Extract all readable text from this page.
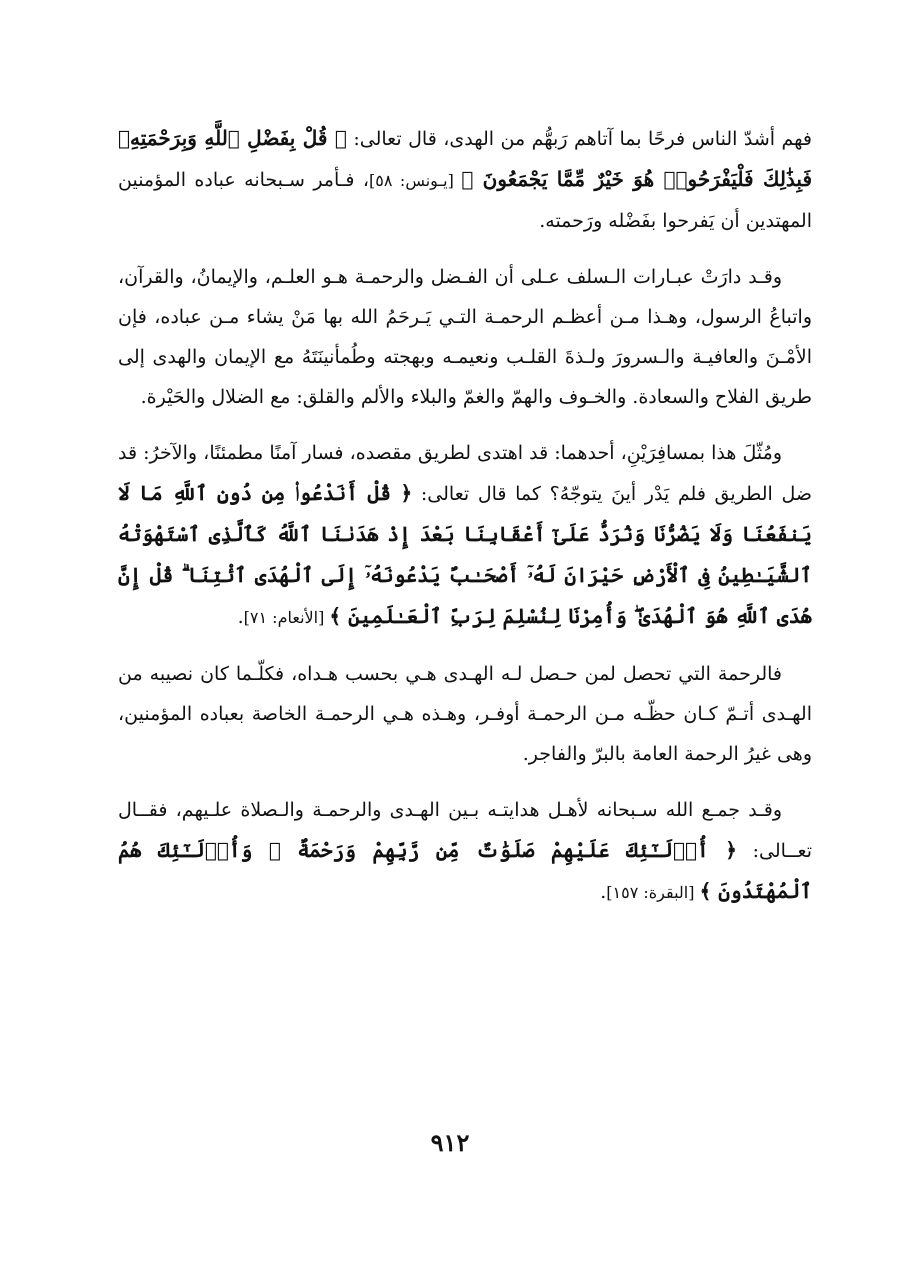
فهم أشدّ الناس فرحًا بما آتاهم رَبهُّم من الهدى، قال تعالى: ﴿ قُلْ بِفَضْلِ ٱللَّهِ وَبِرَحْمَتِهِۦ فَبِذَٰلِكَ فَلْيَفْرَحُوا۟ هُوَ خَيْرٌ مِّمَّا يَجْمَعُونَ ﴾ [يـونس: ٥٨]، فـأمر سـبحانه عباده المؤمنين المهتدين أن يَفرحوا بفَضْله ورَحمته.

وقـد دارَتْ عبـارات الـسلف عـلى أن الفـضل والرحمـة هـو العلـم، والإيمانُ، والقرآن، واتباعُ الرسول، وهـذا مـن أعظـم الرحمـة التـي يَـرحَمُ الله بها مَنْ يشاء مـن عباده، فإن الأمْـنَ والعافيـة والـسرورَ ولـذةَ القلـب ونعيمـه وبهجته وطُمأنينَتَهُ مع الإيمان والهدى إلى طريق الفلاح والسعادة. والخـوف والهمّ والغمّ والبلاء والألم والقلق: مع الضلال والحَيْرة.

ومُثّلَ هذا بمسافِرَيْنِ، أحدهما: قد اهتدى لطريق مقصده، فسار آمنًا مطمئنًا، والآخرُ: قد ضل الطريق فلم يَدْر أينَ يتوجّهُ؟ كما قال تعالى: ﴿ قُلْ أَنَدْعُوا۟ مِن دُونِ ٱللَّهِ مَا لَا يَنفَعُنَا وَلَا يَضُرُّنَا وَنُرَدُّ عَلَىٰٓ أَعْقَابِنَا بَعْدَ إِذْ هَدَىٰنَا ٱللَّهُ كَٱلَّذِى ٱسْتَهْوَتْهُ ٱلشَّيَـٰطِينُ فِى ٱلْأَرْضِ حَيْرَانَ لَهُۥٓ أَصْحَـٰبٌ يَدْعُونَهُۥٓ إِلَى ٱلْهُدَى ٱئْتِنَا ۗ قُلْ إِنَّ هُدَى ٱللَّهِ هُوَ ٱلْهُدَىٰ ۖ وَأُمِرْنَا لِنُسْلِمَ لِرَبِّ ٱلْعَـٰلَمِينَ ﴾ [الأنعام: ٧١].

فالرحمة التي تحصل لمن حـصل لـه الهـدى هـي بحسب هـداه، فكلّـما كان نصيبه من الهـدى أتـمّ كـان حظّـه مـن الرحمـة أوفـر، وهـذه هـي الرحمـة الخاصة بعباده المؤمنين، وهى غيرُ الرحمة العامة بالبرّ والفاجر.

وقـد جمـع الله سـبحانه لأهـل هدايتـه بـين الهـدى والرحمـة والـصلاة علـيهم، فقــال تعــالى: ﴿ أُو۟لَـٰٓئِكَ عَلَيْهِمْ صَلَوَٰتٌ مِّن رَّبِّهِمْ وَرَحْمَةٌ ۖ وَأُو۟لَـٰٓئِكَ هُمُ ٱلْمُهْتَدُونَ ﴾ [البقرة: ١٥٧].

٩١٢
